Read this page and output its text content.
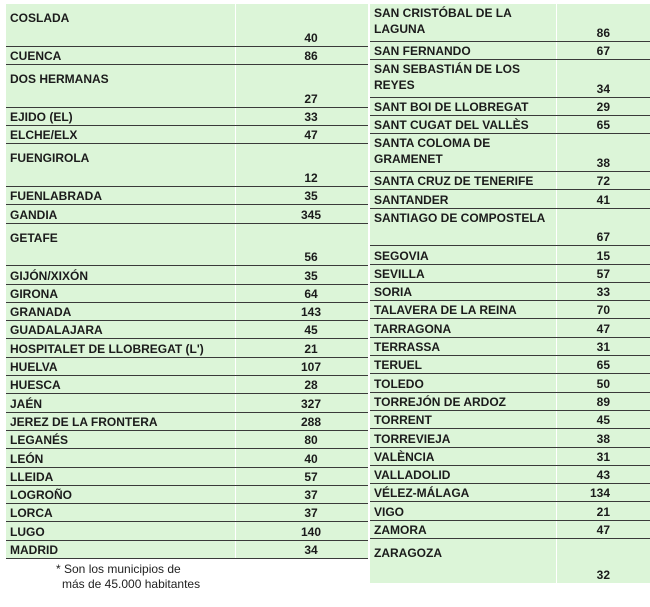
COSLADA	40
CUENCA	86
DOS HERMANAS	27
EJIDO (EL)	33
ELCHE/ELX	47
FUENGIROLA	12
FUENLABRADA	35
GANDIA	345
GETAFE	56
GIJÓN/XIXÓN	35
GIRONA	64
GRANADA	143
GUADALAJARA	45
HOSPITALET DE LLOBREGAT (L')	21
HUELVA	107
HUESCA	28
JAÉN	327
JEREZ DE LA FRONTERA	288
LEGANÉS	80
LEÓN	40
LLEIDA	57
LOGROÑO	37
LORCA	37
LUGO	140
MADRID	34
SAN CRISTÓBAL DE LA LAGUNA	86
SAN FERNANDO	67
SAN SEBASTIÁN DE LOS REYES	34
SANT BOI DE LLOBREGAT	29
SANT CUGAT DEL VALLÈS	65
SANTA COLOMA DE GRAMENET	38
SANTA CRUZ DE TENERIFE	72
SANTANDER	41
SANTIAGO DE COMPOSTELA	67
SEGOVIA	15
SEVILLA	57
SORIA	33
TALAVERA DE LA REINA	70
TARRAGONA	47
TERRASSA	31
TERUEL	65
TOLEDO	50
TORREJÓN DE ARDOZ	89
TORRENT	45
TORREVIEJA	38
VALÈNCIA	31
VALLADOLID	43
VÉLEZ-MÁLAGA	134
VIGO	21
ZAMORA	47
ZARAGOZA	32
* Son los municipios de
más de 45.000 habitantes
